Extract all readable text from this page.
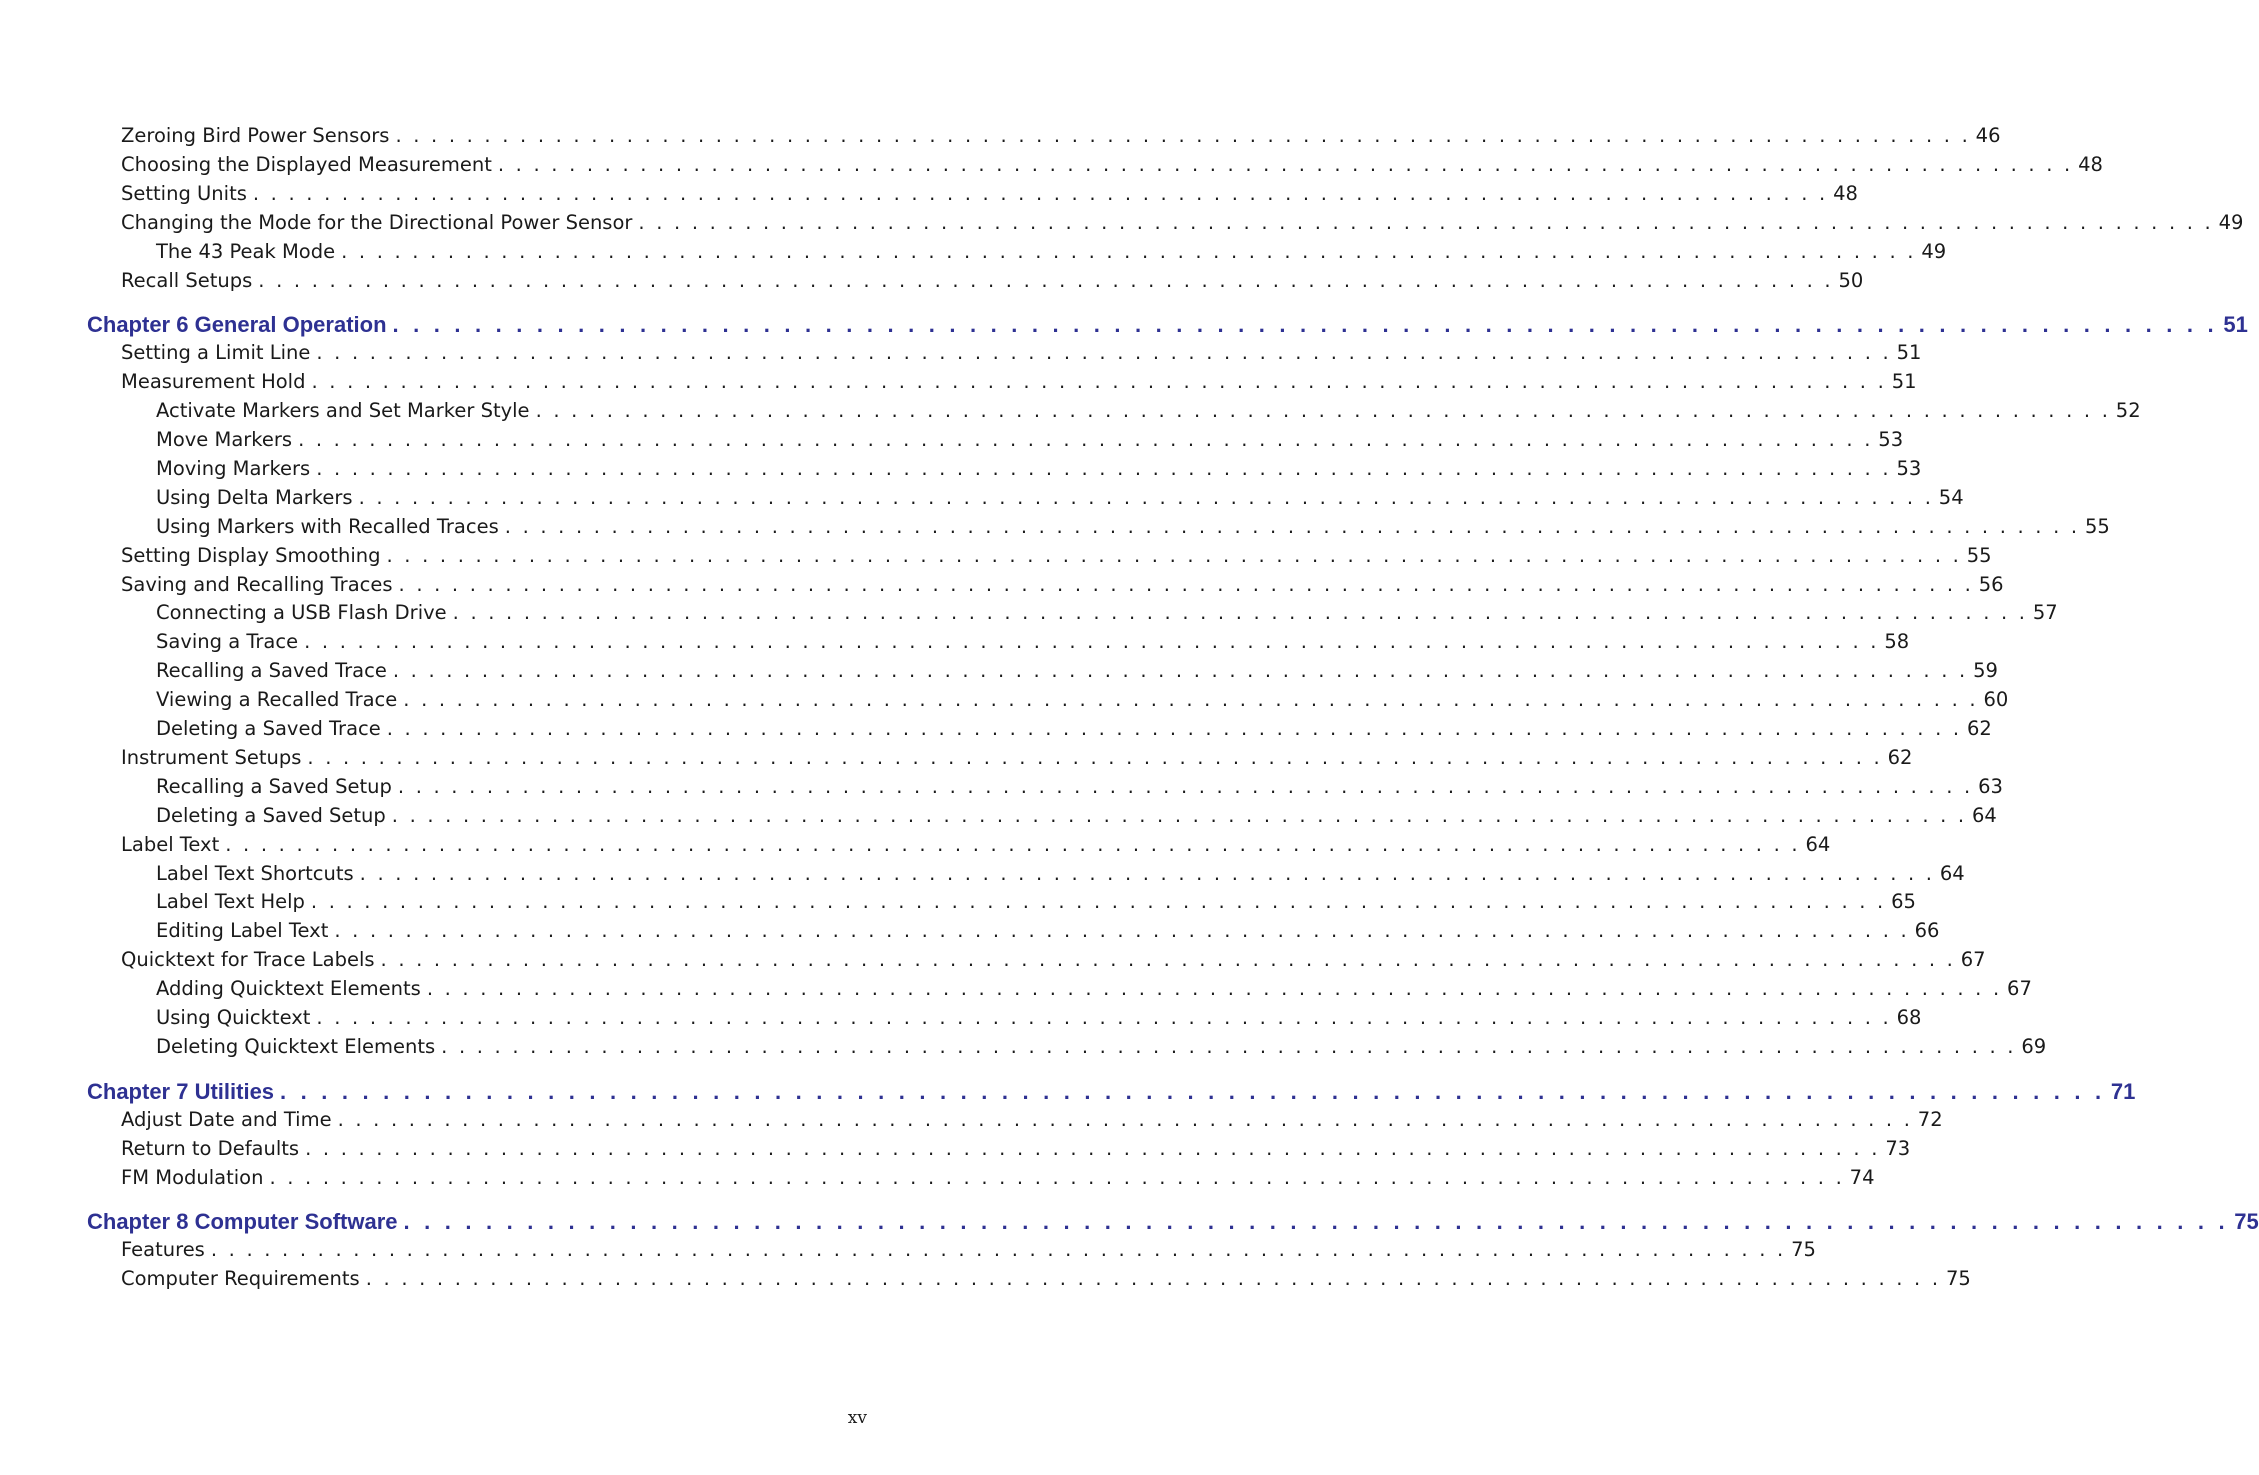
Zeroing Bird Power Sensors . . . . . . . . . . . . . . . . . . . . . . . . . . . . . . . . . . . . . . . . . . . . . . . . . . . . . . . . . . . . . . . . . . . . . . . . . . . . . . . . . . . . . . . . . 46
Choosing the Displayed Measurement . . . . . . . . . . . . . . . . . . . . . . . . . . . . . . . . . . . . . . . . . . . . . . . . . . . . . . . . . . . . . . . . . . . . . . . . . . . . . . . . . . . . . . . . . 48
Setting Units . . . . . . . . . . . . . . . . . . . . . . . . . . . . . . . . . . . . . . . . . . . . . . . . . . . . . . . . . . . . . . . . . . . . . . . . . . . . . . . . . . . . . . . . . 48
Changing the Mode for the Directional Power Sensor . . . . . . . . . . . . . . . . . . . . . . . . . . . . . . . . . . . . . . . . . . . . . . . . . . . . . . . . . . . . . . . . . . . . . . . . . . . . . . . . . . . . . . . . . 49
The 43 Peak Mode . . . . . . . . . . . . . . . . . . . . . . . . . . . . . . . . . . . . . . . . . . . . . . . . . . . . . . . . . . . . . . . . . . . . . . . . . . . . . . . . . . . . . . . . . 49
Recall Setups . . . . . . . . . . . . . . . . . . . . . . . . . . . . . . . . . . . . . . . . . . . . . . . . . . . . . . . . . . . . . . . . . . . . . . . . . . . . . . . . . . . . . . . . . 50
Chapter 6 General Operation . . . . . . . . . . . . . . . . . . . . . . . . . . . . . . . . . . . . . . . . . . . . . . . . . . . . . . . . . . . . . . . . . . . . . . . . . . . . . . . . . . . . . . . . . 51
Setting a Limit Line . . . . . . . . . . . . . . . . . . . . . . . . . . . . . . . . . . . . . . . . . . . . . . . . . . . . . . . . . . . . . . . . . . . . . . . . . . . . . . . . . . . . . . . . . 51
Measurement Hold . . . . . . . . . . . . . . . . . . . . . . . . . . . . . . . . . . . . . . . . . . . . . . . . . . . . . . . . . . . . . . . . . . . . . . . . . . . . . . . . . . . . . . . . . 51
Activate Markers and Set Marker Style . . . . . . . . . . . . . . . . . . . . . . . . . . . . . . . . . . . . . . . . . . . . . . . . . . . . . . . . . . . . . . . . . . . . . . . . . . . . . . . . . . . . . . . . . 52
Move Markers . . . . . . . . . . . . . . . . . . . . . . . . . . . . . . . . . . . . . . . . . . . . . . . . . . . . . . . . . . . . . . . . . . . . . . . . . . . . . . . . . . . . . . . . . 53
Moving Markers . . . . . . . . . . . . . . . . . . . . . . . . . . . . . . . . . . . . . . . . . . . . . . . . . . . . . . . . . . . . . . . . . . . . . . . . . . . . . . . . . . . . . . . . . 53
Using Delta Markers . . . . . . . . . . . . . . . . . . . . . . . . . . . . . . . . . . . . . . . . . . . . . . . . . . . . . . . . . . . . . . . . . . . . . . . . . . . . . . . . . . . . . . . . . 54
Using Markers with Recalled Traces . . . . . . . . . . . . . . . . . . . . . . . . . . . . . . . . . . . . . . . . . . . . . . . . . . . . . . . . . . . . . . . . . . . . . . . . . . . . . . . . . . . . . . . . . 55
Setting Display Smoothing . . . . . . . . . . . . . . . . . . . . . . . . . . . . . . . . . . . . . . . . . . . . . . . . . . . . . . . . . . . . . . . . . . . . . . . . . . . . . . . . . . . . . . . . . 55
Saving and Recalling Traces . . . . . . . . . . . . . . . . . . . . . . . . . . . . . . . . . . . . . . . . . . . . . . . . . . . . . . . . . . . . . . . . . . . . . . . . . . . . . . . . . . . . . . . . . 56
Connecting a USB Flash Drive . . . . . . . . . . . . . . . . . . . . . . . . . . . . . . . . . . . . . . . . . . . . . . . . . . . . . . . . . . . . . . . . . . . . . . . . . . . . . . . . . . . . . . . . . 57
Saving a Trace . . . . . . . . . . . . . . . . . . . . . . . . . . . . . . . . . . . . . . . . . . . . . . . . . . . . . . . . . . . . . . . . . . . . . . . . . . . . . . . . . . . . . . . . . 58
Recalling a Saved Trace . . . . . . . . . . . . . . . . . . . . . . . . . . . . . . . . . . . . . . . . . . . . . . . . . . . . . . . . . . . . . . . . . . . . . . . . . . . . . . . . . . . . . . . . . 59
Viewing a Recalled Trace . . . . . . . . . . . . . . . . . . . . . . . . . . . . . . . . . . . . . . . . . . . . . . . . . . . . . . . . . . . . . . . . . . . . . . . . . . . . . . . . . . . . . . . . . 60
Deleting a Saved Trace . . . . . . . . . . . . . . . . . . . . . . . . . . . . . . . . . . . . . . . . . . . . . . . . . . . . . . . . . . . . . . . . . . . . . . . . . . . . . . . . . . . . . . . . . 62
Instrument Setups . . . . . . . . . . . . . . . . . . . . . . . . . . . . . . . . . . . . . . . . . . . . . . . . . . . . . . . . . . . . . . . . . . . . . . . . . . . . . . . . . . . . . . . . . 62
Recalling a Saved Setup . . . . . . . . . . . . . . . . . . . . . . . . . . . . . . . . . . . . . . . . . . . . . . . . . . . . . . . . . . . . . . . . . . . . . . . . . . . . . . . . . . . . . . . . . 63
Deleting a Saved Setup . . . . . . . . . . . . . . . . . . . . . . . . . . . . . . . . . . . . . . . . . . . . . . . . . . . . . . . . . . . . . . . . . . . . . . . . . . . . . . . . . . . . . . . . . 64
Label Text . . . . . . . . . . . . . . . . . . . . . . . . . . . . . . . . . . . . . . . . . . . . . . . . . . . . . . . . . . . . . . . . . . . . . . . . . . . . . . . . . . . . . . . . . 64
Label Text Shortcuts . . . . . . . . . . . . . . . . . . . . . . . . . . . . . . . . . . . . . . . . . . . . . . . . . . . . . . . . . . . . . . . . . . . . . . . . . . . . . . . . . . . . . . . . . 64
Label Text Help . . . . . . . . . . . . . . . . . . . . . . . . . . . . . . . . . . . . . . . . . . . . . . . . . . . . . . . . . . . . . . . . . . . . . . . . . . . . . . . . . . . . . . . . . 65
Editing Label Text . . . . . . . . . . . . . . . . . . . . . . . . . . . . . . . . . . . . . . . . . . . . . . . . . . . . . . . . . . . . . . . . . . . . . . . . . . . . . . . . . . . . . . . . . 66
Quicktext for Trace Labels . . . . . . . . . . . . . . . . . . . . . . . . . . . . . . . . . . . . . . . . . . . . . . . . . . . . . . . . . . . . . . . . . . . . . . . . . . . . . . . . . . . . . . . . . 67
Adding Quicktext Elements . . . . . . . . . . . . . . . . . . . . . . . . . . . . . . . . . . . . . . . . . . . . . . . . . . . . . . . . . . . . . . . . . . . . . . . . . . . . . . . . . . . . . . . . . 67
Using Quicktext . . . . . . . . . . . . . . . . . . . . . . . . . . . . . . . . . . . . . . . . . . . . . . . . . . . . . . . . . . . . . . . . . . . . . . . . . . . . . . . . . . . . . . . . . 68
Deleting Quicktext Elements . . . . . . . . . . . . . . . . . . . . . . . . . . . . . . . . . . . . . . . . . . . . . . . . . . . . . . . . . . . . . . . . . . . . . . . . . . . . . . . . . . . . . . . . . 69
Chapter 7 Utilities . . . . . . . . . . . . . . . . . . . . . . . . . . . . . . . . . . . . . . . . . . . . . . . . . . . . . . . . . . . . . . . . . . . . . . . . . . . . . . . . . . . . . . . . . 71
Adjust Date and Time . . . . . . . . . . . . . . . . . . . . . . . . . . . . . . . . . . . . . . . . . . . . . . . . . . . . . . . . . . . . . . . . . . . . . . . . . . . . . . . . . . . . . . . . . 72
Return to Defaults . . . . . . . . . . . . . . . . . . . . . . . . . . . . . . . . . . . . . . . . . . . . . . . . . . . . . . . . . . . . . . . . . . . . . . . . . . . . . . . . . . . . . . . . . 73
FM Modulation . . . . . . . . . . . . . . . . . . . . . . . . . . . . . . . . . . . . . . . . . . . . . . . . . . . . . . . . . . . . . . . . . . . . . . . . . . . . . . . . . . . . . . . . . 74
Chapter 8 Computer Software . . . . . . . . . . . . . . . . . . . . . . . . . . . . . . . . . . . . . . . . . . . . . . . . . . . . . . . . . . . . . . . . . . . . . . . . . . . . . . . . . . . . . . . . . 75
Features . . . . . . . . . . . . . . . . . . . . . . . . . . . . . . . . . . . . . . . . . . . . . . . . . . . . . . . . . . . . . . . . . . . . . . . . . . . . . . . . . . . . . . . . . 75
Computer Requirements . . . . . . . . . . . . . . . . . . . . . . . . . . . . . . . . . . . . . . . . . . . . . . . . . . . . . . . . . . . . . . . . . . . . . . . . . . . . . . . . . . . . . . . . . 75
xv
